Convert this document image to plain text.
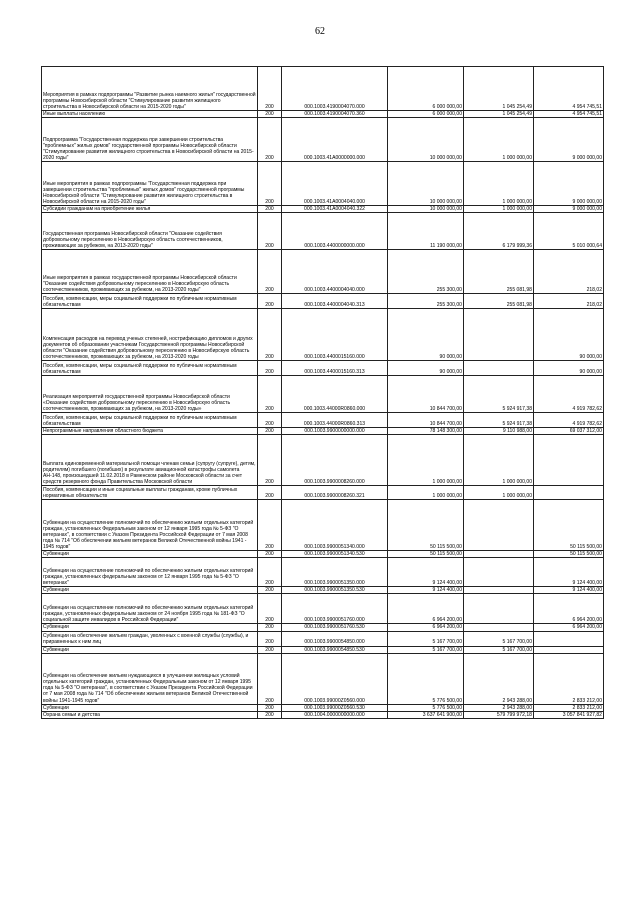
62
Мероприятия в рамках подпрограммы "Развитие рынка наемного жилья" государственной программы Новосибирской области "Стимулирование развития жилищного строительства в Новосибирской области на 2015-2020 годы"	200	000.1003.4190004070.000	6 000 000,00	1 045 254,49	4 954 745,51
Иные выплаты населению	200	000.1003.4190004070.360	6 000 000,00	1 045 254,49	4 954 745,51
Подпрограмма "Государственная поддержка при завершении строительства "проблемных" жилых домов" государственной программы Новосибирской области "Стимулирование развития жилищного строительства в Новосибирской области на 2015-2020 годы"	200	000.1003.41А0000000.000	10 000 000,00	1 000 000,00	9 000 000,00
Иные мероприятия в рамках подпрограммы "Государственная поддержка при завершении строительства "проблемных" жилых домов" государственной программы Новосибирской области "Стимулирование развития жилищного строительства в Новосибирской области на 2015-2020 годы"	200	000.1003.41А0004040.000	10 000 000,00	1 000 000,00	9 000 000,00
Субсидии гражданам на приобретение жилья	200	000.1003.41А0004040.322	10 000 000,00	1 000 000,00	9 000 000,00
Государственная программа Новосибирской области "Оказание содействия добровольному переселению в Новосибирскую область соотечественников, проживающих за рубежом, на 2013-2020 годы"	200	000.1003.4400000000.000	11 190 000,00	6 179 999,36	5 010 000,64
Иные мероприятия в рамках государственной программы Новосибирской области "Оказание содействия добровольному переселению в Новосибирскую область соотечественников, проживающих за рубежом, на 2013-2020 годы"	200	000.1003.4400004040.000	255 300,00	255 081,98	218,02
Пособия, компенсации, меры социальной поддержки по публичным нормативным обязательствам	200	000.1003.4400004040.313	255 300,00	255 081,98	218,02
Компенсация расходов на перевод ученых степеней, нострификацию дипломов и других документов об образовании участникам Государственной программы Новосибирской области "Оказание содействия добровольному переселению в Новосибирскую область соотечественников, проживающих за рубежом, на 2013-2020 годы	200	000.1003.4400015160.000	90 000,00		90 000,00
Пособия, компенсации, меры социальной поддержки по публичным нормативным обязательствам	200	000.1003.4400015160.313	90 000,00		90 000,00
Реализация мероприятий государственной программы Новосибирской области «Оказание содействия добровольному переселению в Новосибирскую область соотечественников, проживающих за рубежом, на 2013-2020 годы»	200	000.1003.44000R0860.000	10 844 700,00	5 924 917,38	4 919 782,62
Пособия, компенсации, меры социальной поддержки по публичным нормативным обязательствам	200	000.1003.44000R0860.313	10 844 700,00	5 924 917,38	4 919 782,62
Непрограммные направления областного бюджета	200	000.1003.9900000000.000	78 148 300,00	9 110 988,00	69 037 312,00
Выплата единовременной материальной помощи членам семьи (супругу (супруге), детям, родителям) погибшего (погибших) в результате авиационной катастрофы самолета АН-148, произошедшей 11.02.2018 в Раменском районе Московской области за счет средств резервного фонда Правительства Московской области	200	000.1003.9900008260.000	1 000 000,00	1 000 000,00	
Пособия, компенсации и иные социальные выплаты гражданам, кроме публичных нормативных обязательств	200	000.1003.9900008260.321	1 000 000,00	1 000 000,00	
Субвенции на осуществление полномочий по обеспечению жильем отдельных категорий граждан, установленных Федеральным законом от 12 января 1995 года № 5-ФЗ "О ветеранах", в соответствии с Указом Президента Российской Федерации от 7 мая 2008 года № 714 "Об обеспечении жильем ветеранов Великой Отечественной войны 1941 - 1945 годов"	200	000.1003.9900051340.000	50 115 500,00		50 115 500,00
Субвенции	200	000.1003.9900051340.530	50 115 500,00		50 115 500,00
Субвенции на осуществление полномочий по обеспечению жильем отдельных категорий граждан, установленных федеральным законом от 12 января 1995 года № 5-ФЗ "О ветеранах"	200	000.1003.9900051350.000	9 124 400,00		9 124 400,00
Субвенции	200	000.1003.9900051350.530	9 124 400,00		9 124 400,00
Субвенции на осуществление полномочий по обеспечению жильем отдельных категорий граждан, установленных федеральным законом от 24 ноября 1995 года № 181-ФЗ "О социальной защите инвалидов в Российской Федерации"	200	000.1003.9900051760.000	6 964 200,00		6 964 200,00
Субвенции	200	000.1003.9900051760.530	6 964 200,00		6 964 200,00
Субвенции на обеспечение жильем граждан, уволенных с военной службы (службы), и приравненных к ним лиц	200	000.1003.9900054850.000	5 167 700,00	5 167 700,00	
Субвенции	200	000.1003.9900054850.530	5 167 700,00	5 167 700,00	
Субвенции на обеспечение жильем нуждающихся в улучшении жилищных условий отдельных категорий граждан, установленных Федеральным законом от 12 января 1995 года № 5-ФЗ "О ветеранах", в соответствии с Указом Президента Российской Федерации от 7 мая 2008 года № 714 "Об обеспечении жильем ветеранов Великой Отечественной войны 1941-1945 годов"	200	000.1003.99000Z0560.000	5 776 500,00	2 943 288,00	2 833 212,00
Субвенции	200	000.1003.99000Z0560.530	5 776 500,00	2 943 288,00	2 833 212,00
Охрана семьи и детства	200	000.1004.0000000000.000	3 637 641 900,00	579 799 972,18	3 057 841 927,82
